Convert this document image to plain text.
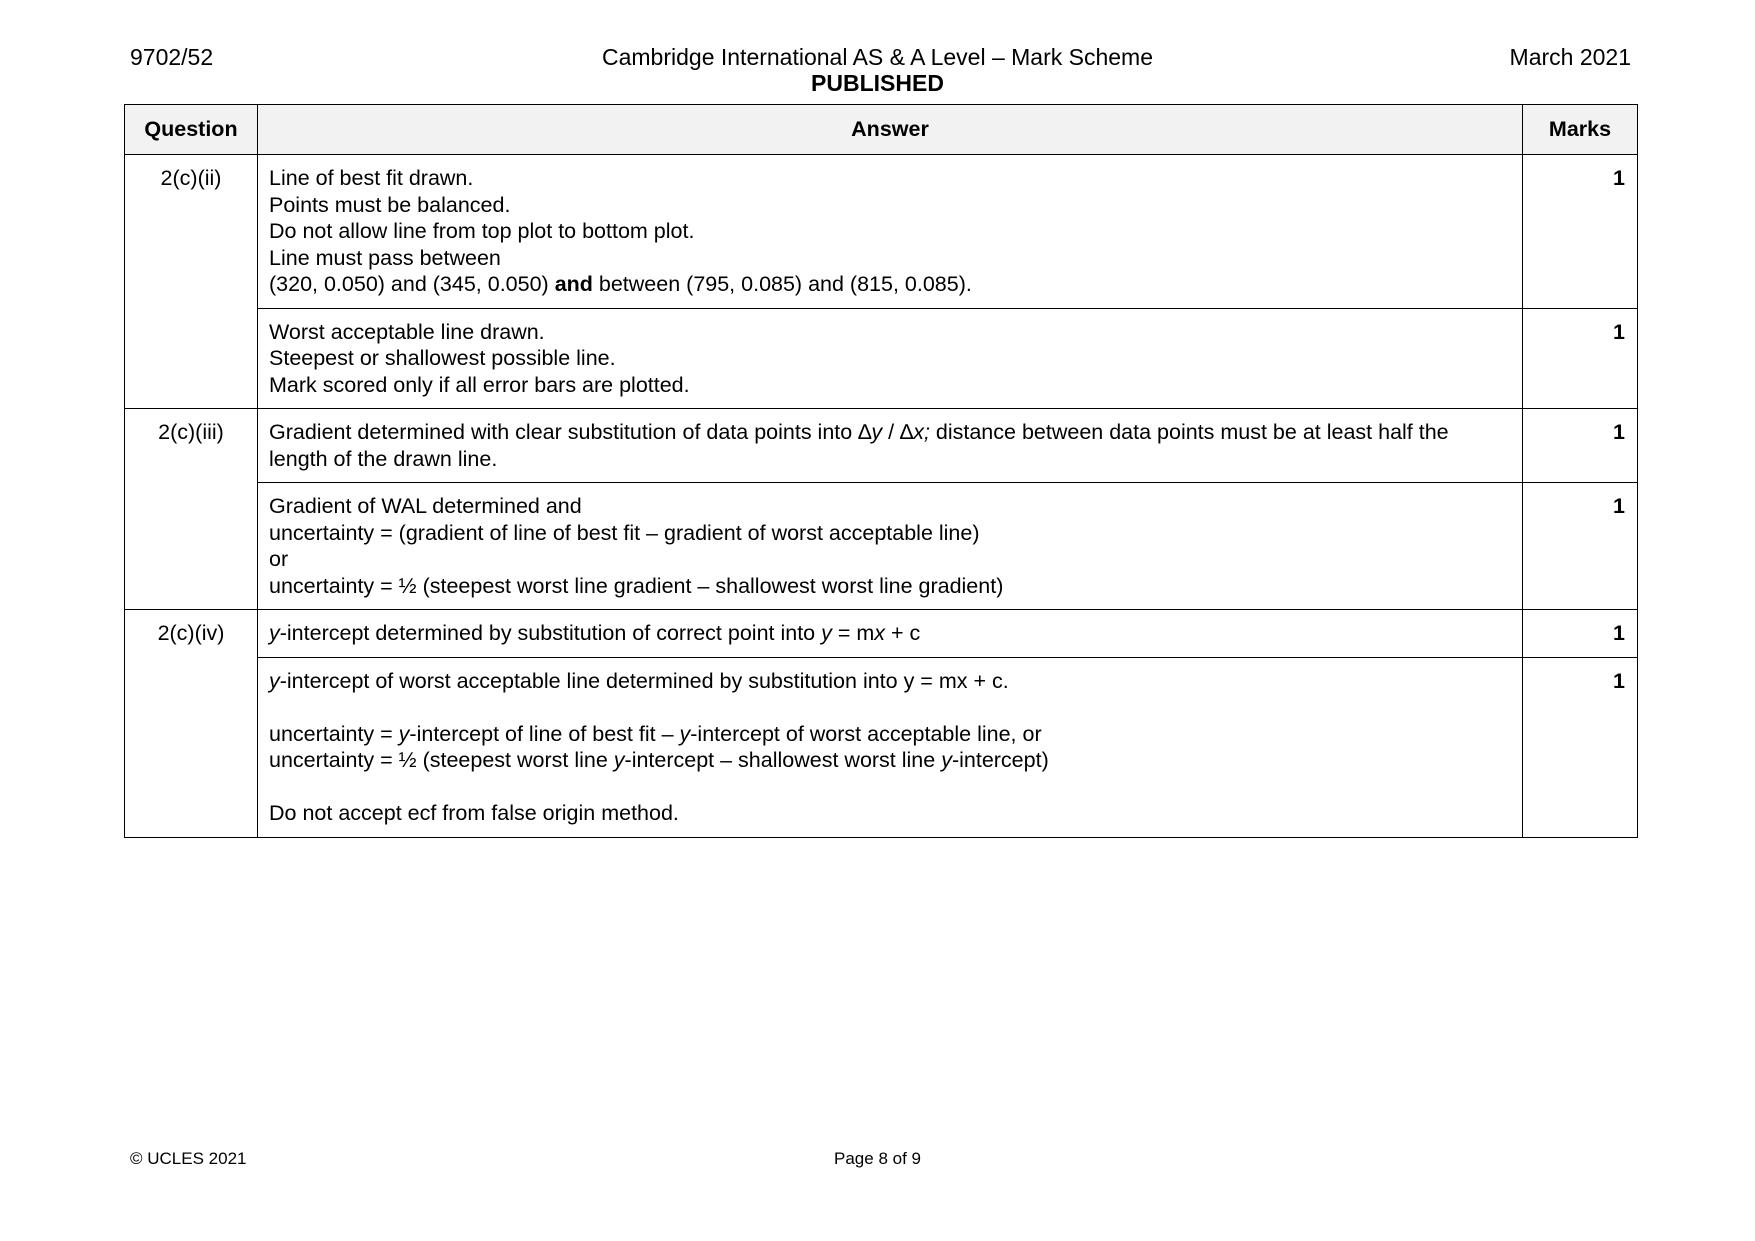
9702/52	Cambridge International AS & A Level – Mark Scheme
PUBLISHED
March 2021
Question	Answer	Marks
2(c)(ii)	Line of best fit drawn.
Points must be balanced.
Do not allow line from top plot to bottom plot.
Line must pass between
(320, 0.050) and (345, 0.050) and between (795, 0.085) and (815, 0.085).	1

	Worst acceptable line drawn.
Steepest or shallowest possible line.
Mark scored only if all error bars are plotted.	1
2(c)(iii)	Gradient determined with clear substitution of data points into ∆y / ∆x; distance between data points must be at least half the length of the drawn line.	1

	Gradient of WAL determined and
uncertainty = (gradient of line of best fit – gradient of worst acceptable line)
or
uncertainty = ½ (steepest worst line gradient – shallowest worst line gradient)	1
2(c)(iv)	y-intercept determined by substitution of correct point into y = mx + c	1

	y-intercept of worst acceptable line determined by substitution into y = mx + c.
uncertainty = y-intercept of line of best fit – y-intercept of worst acceptable line, or
uncertainty = ½ (steepest worst line y-intercept – shallowest worst line y-intercept)
Do not accept ecf from false origin method.	1
© UCLES 2021	Page 8 of 9
